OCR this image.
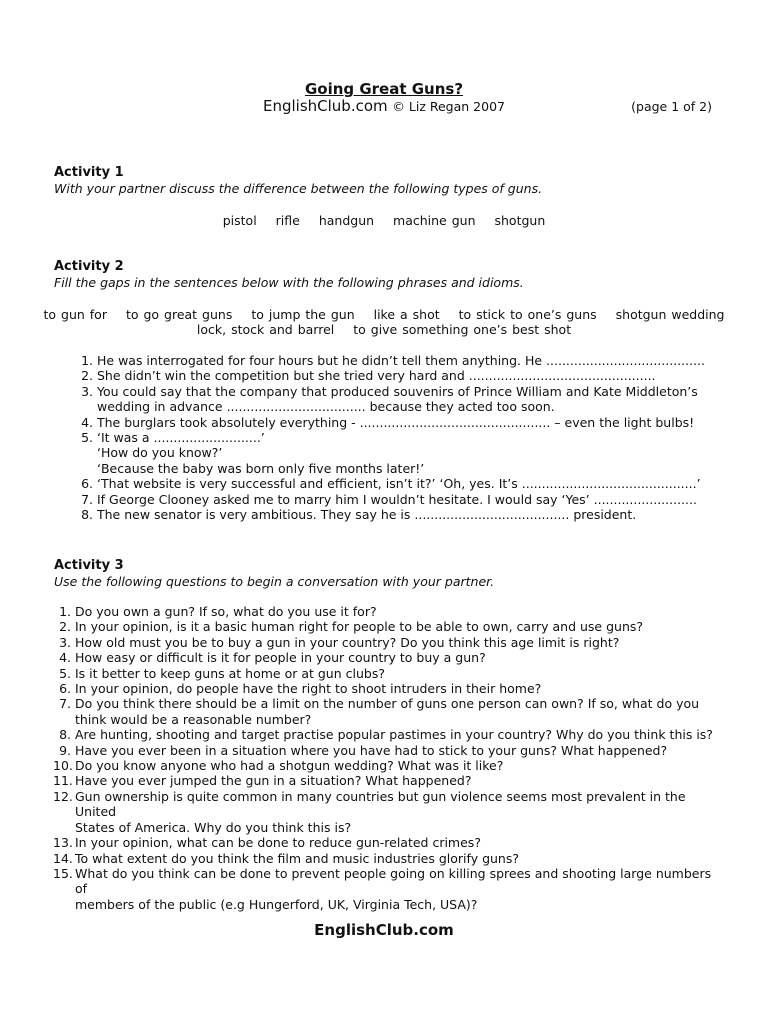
Going Great Guns?
EnglishClub.com © Liz Regan 2007	(page 1 of 2)
Activity 1
With your partner discuss the difference between the following types of guns.
pistol rifle handgun machine gun shotgun
Activity 2
Fill the gaps in the sentences below with the following phrases and idioms.
to gun for to go great guns to jump the gun like a shot to stick to one’s guns shotgun wedding
lock, stock and barrel to give something one’s best shot
1. He was interrogated for four hours but he didn’t tell them anything. He ........................................
2. She didn’t win the competition but she tried very hard and ...............................................
3. You could say that the company that produced souvenirs of Prince William and Kate Middleton’s
wedding in advance ................................... because they acted too soon.
4. The burglars took absolutely everything - ................................................ – even the light bulbs!
5. ‘It was a ...........................’
‘How do you know?’
‘Because the baby was born only five months later!’
6. ‘That website is very successful and efficient, isn’t it?’ ‘Oh, yes. It’s ............................................’
7. If George Clooney asked me to marry him I wouldn’t hesitate. I would say ‘Yes’ ..........................
8. The new senator is very ambitious. They say he is ....................................... president.
Activity 3
Use the following questions to begin a conversation with your partner.
1. Do you own a gun? If so, what do you use it for?
2. In your opinion, is it a basic human right for people to be able to own, carry and use guns?
3. How old must you be to buy a gun in your country? Do you think this age limit is right?
4. How easy or difficult is it for people in your country to buy a gun?
5. Is it better to keep guns at home or at gun clubs?
6. In your opinion, do people have the right to shoot intruders in their home?
7. Do you think there should be a limit on the number of guns one person can own? If so, what do you
think would be a reasonable number?
8. Are hunting, shooting and target practise popular pastimes in your country? Why do you think this is?
9. Have you ever been in a situation where you have had to stick to your guns? What happened?
10. Do you know anyone who had a shotgun wedding? What was it like?
11. Have you ever jumped the gun in a situation? What happened?
12. Gun ownership is quite common in many countries but gun violence seems most prevalent in the United
States of America. Why do you think this is?
13. In your opinion, what can be done to reduce gun-related crimes?
14. To what extent do you think the film and music industries glorify guns?
15. What do you think can be done to prevent people going on killing sprees and shooting large numbers of
members of the public (e.g Hungerford, UK, Virginia Tech, USA)?
EnglishClub.com
